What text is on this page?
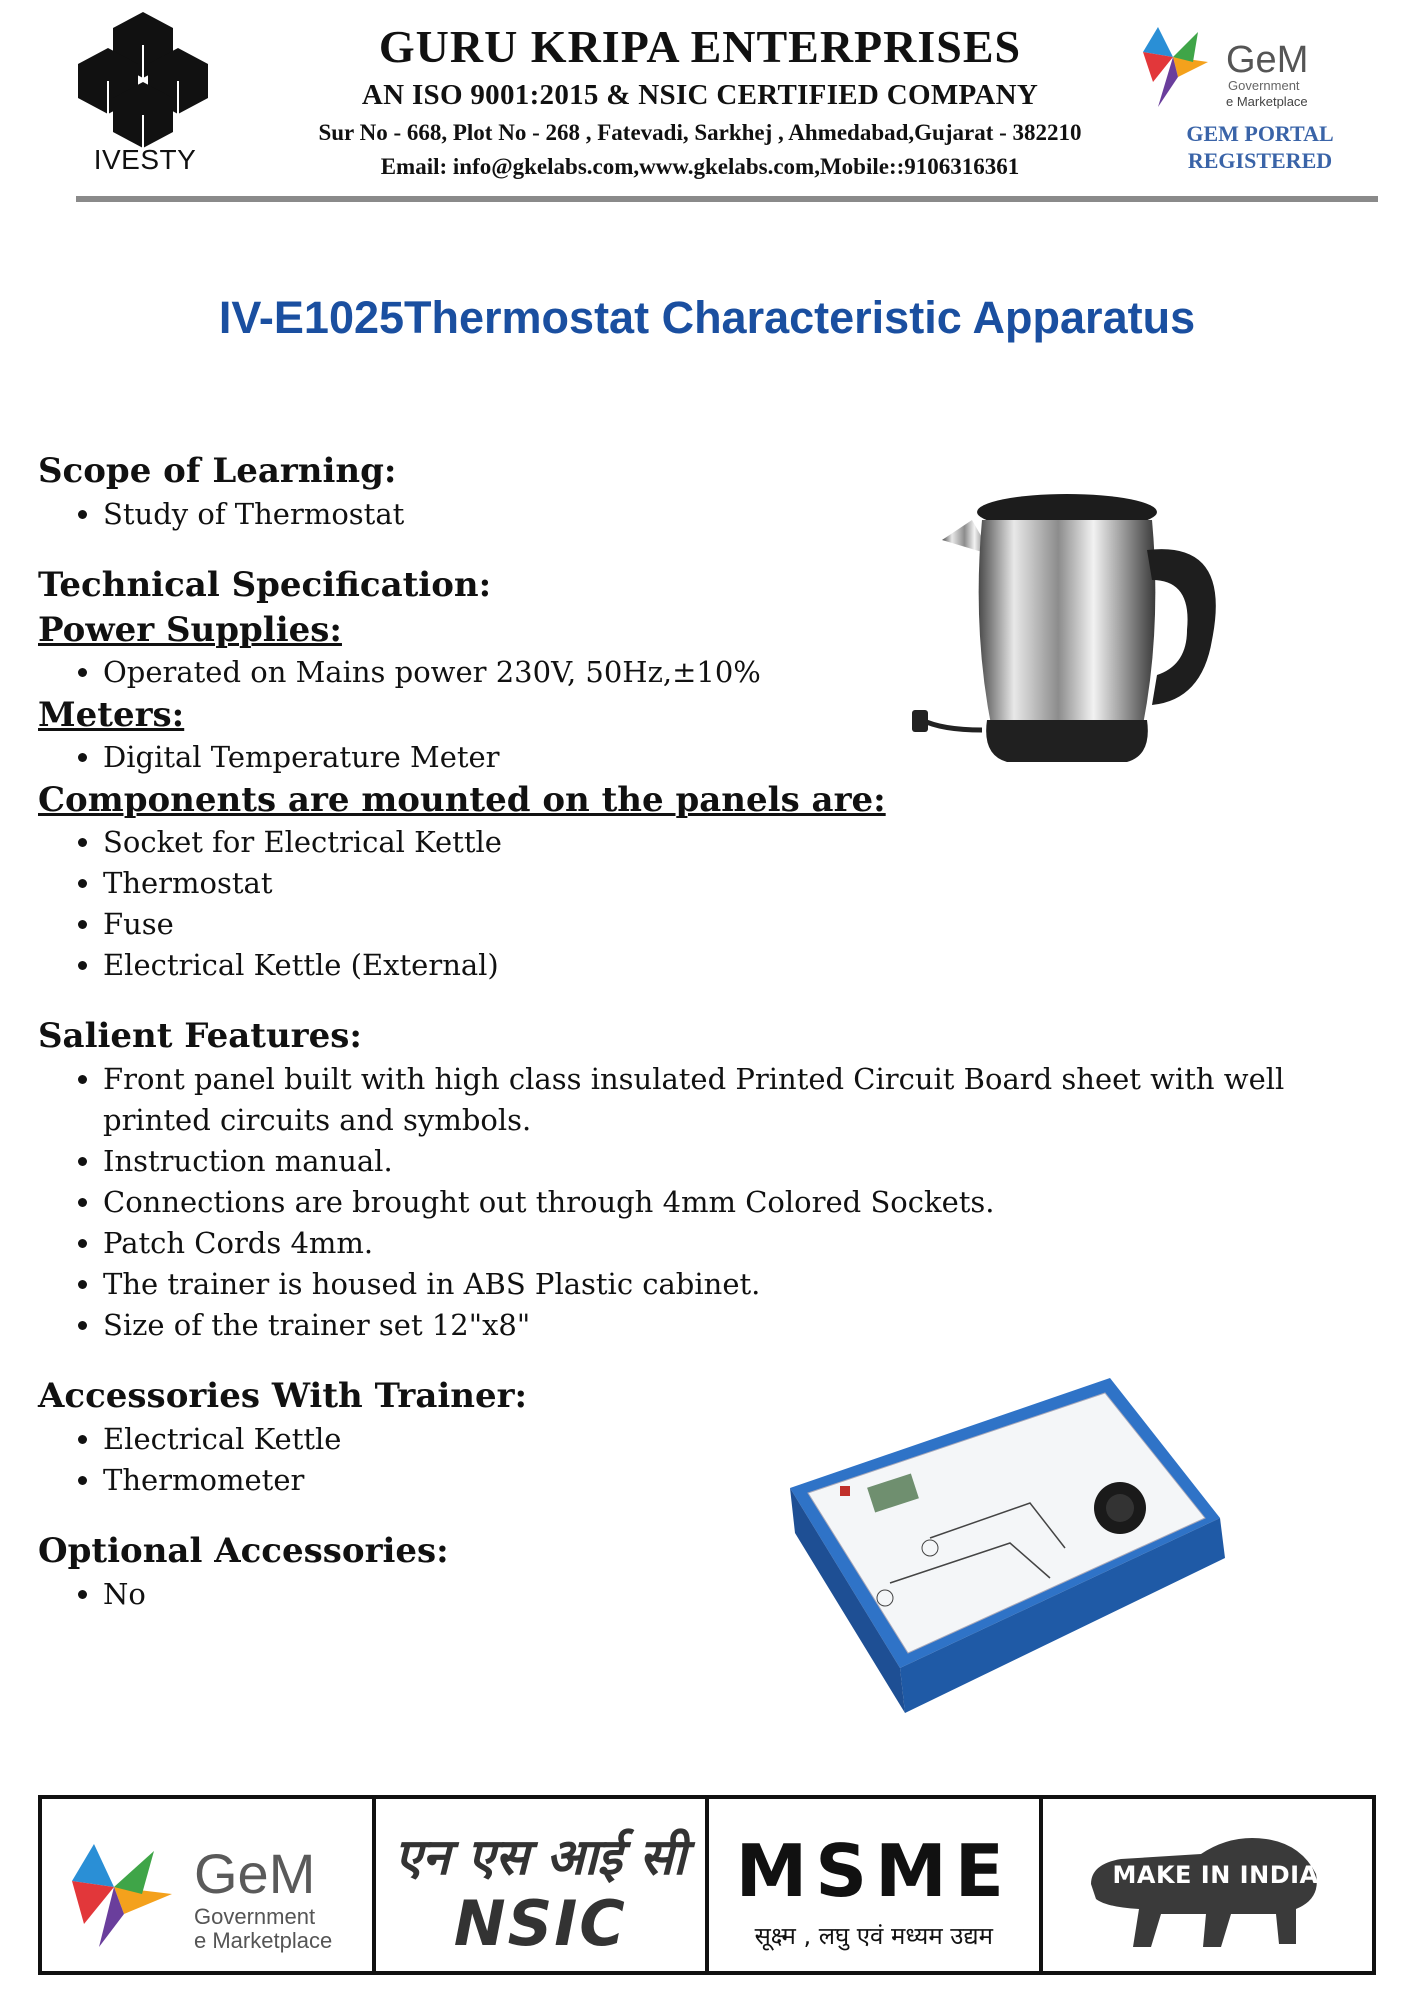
IVESTY
GURU KRIPA ENTERPRISES
AN ISO 9001:2015 & NSIC CERTIFIED COMPANY
Sur No - 668, Plot No - 268 , Fatevadi, Sarkhej , Ahmedabad,Gujarat - 382210
Email: info@gkelabs.com,www.gkelabs.com,Mobile::9106316361
GeM
Government
e Marketplace
GEM PORTAL
REGISTERED
IV-E1025Thermostat Characteristic Apparatus
Scope of Learning:
• Study of Thermostat
Technical Specification:
Power Supplies:
• Operated on Mains power 230V, 50Hz,±10%
Meters:
• Digital Temperature Meter
Components are mounted on the panels are:
• Socket for Electrical Kettle
• Thermostat
• Fuse
• Electrical Kettle (External)
Salient Features:
• Front panel built with high class insulated Printed Circuit Board sheet with well printed circuits and symbols.
• Instruction manual.
• Connections are brought out through 4mm Colored Sockets.
• Patch Cords 4mm.
• The trainer is housed in ABS Plastic cabinet.
• Size of the trainer set 12"x8"
Accessories With Trainer:
• Electrical Kettle
• Thermometer
Optional Accessories:
• No
GeM
Government
e Marketplace
एन एस आई सी
NSIC
MSME
सूक्ष्म , लघु एवं मध्यम उद्यम
MAKE IN INDIA
